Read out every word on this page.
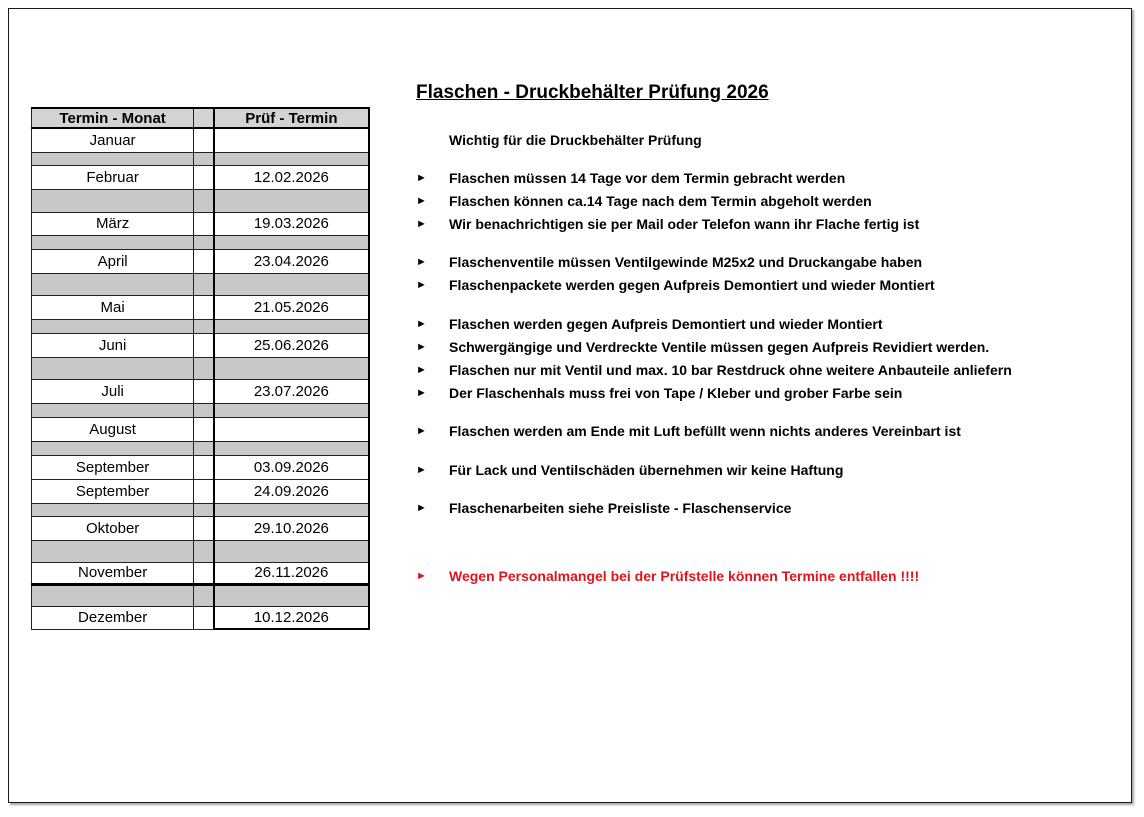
Termin - Monat		Prüf - Termin
Januar		

Februar		12.02.2026

März		19.03.2026

April		23.04.2026

Mai		21.05.2026

Juni		25.06.2026

Juli		23.07.2026

August		

September		03.09.2026
September		24.09.2026

Oktober		29.10.2026

November		26.11.2026

Dezember		10.12.2026
Flaschen - Druckbehälter Prüfung 2026
Wichtig für die Druckbehälter Prüfung
►	Flaschen müssen 14 Tage vor dem Termin gebracht werden
►	Flaschen können ca.14 Tage nach dem Termin abgeholt werden
►	Wir benachrichtigen sie per Mail oder Telefon wann ihr Flache fertig ist
►	Flaschenventile müssen Ventilgewinde M25x2 und Druckangabe haben
►	Flaschenpackete werden gegen Aufpreis Demontiert und wieder Montiert
►	Flaschen werden gegen Aufpreis Demontiert und wieder Montiert
►	Schwergängige und Verdreckte Ventile müssen gegen Aufpreis Revidiert werden.
►	Flaschen nur mit Ventil und max. 10 bar Restdruck ohne weitere Anbauteile anliefern
►	Der Flaschenhals muss frei von Tape / Kleber und grober Farbe sein
►	Flaschen werden am Ende mit Luft befüllt wenn nichts anderes Vereinbart ist
►	Für Lack und Ventilschäden übernehmen wir keine Haftung
►	Flaschenarbeiten siehe Preisliste - Flaschenservice
►	Wegen Personalmangel bei der Prüfstelle können Termine entfallen !!!!
